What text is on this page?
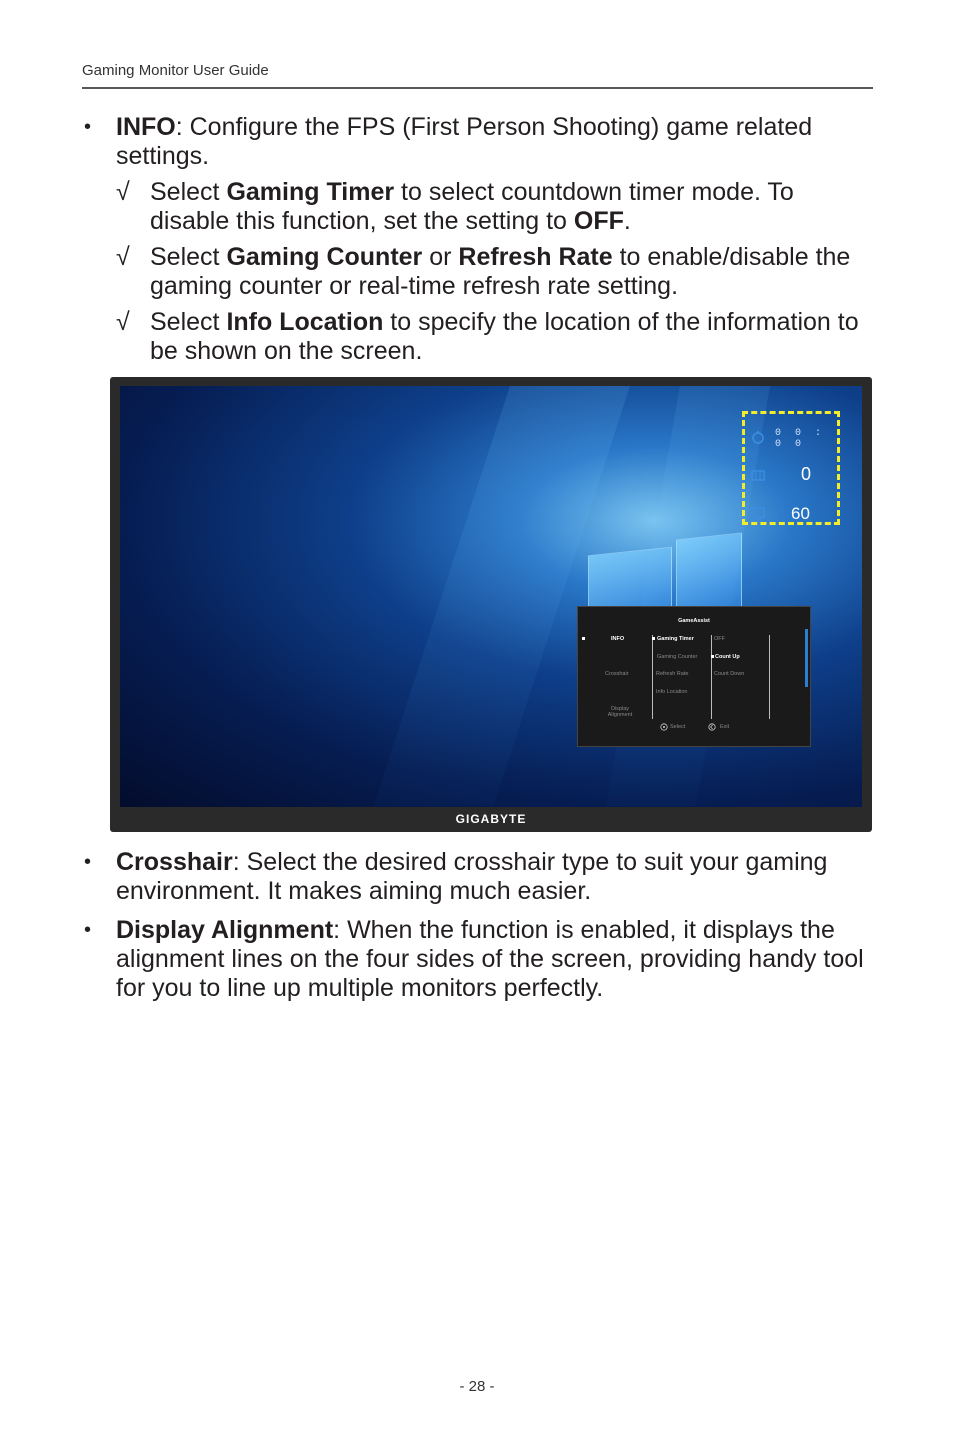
Gaming Monitor User Guide
• INFO: Configure the FPS (First Person Shooting) game related settings.
√ Select Gaming Timer to select countdown timer mode. To disable this function, set the setting to OFF.
√ Select Gaming Counter or Refresh Rate to enable/disable the gaming counter or real-time refresh rate setting.
√ Select Info Location to specify the location of the information to be shown on the screen.
GIGABYTE
0 0 : 0 0
0
60
GameAssist
INFO
Crosshair
Display Alignment
Gaming Timer
Gaming Counter
Refresh Rate
Info Location
OFF
Count Up
Count Down
Select	Exit
• Crosshair: Select the desired crosshair type to suit your gaming environment. It makes aiming much easier.
• Display Alignment: When the function is enabled, it displays the alignment lines on the four sides of the screen, providing handy tool for you to line up multiple monitors perfectly.
- 28 -
